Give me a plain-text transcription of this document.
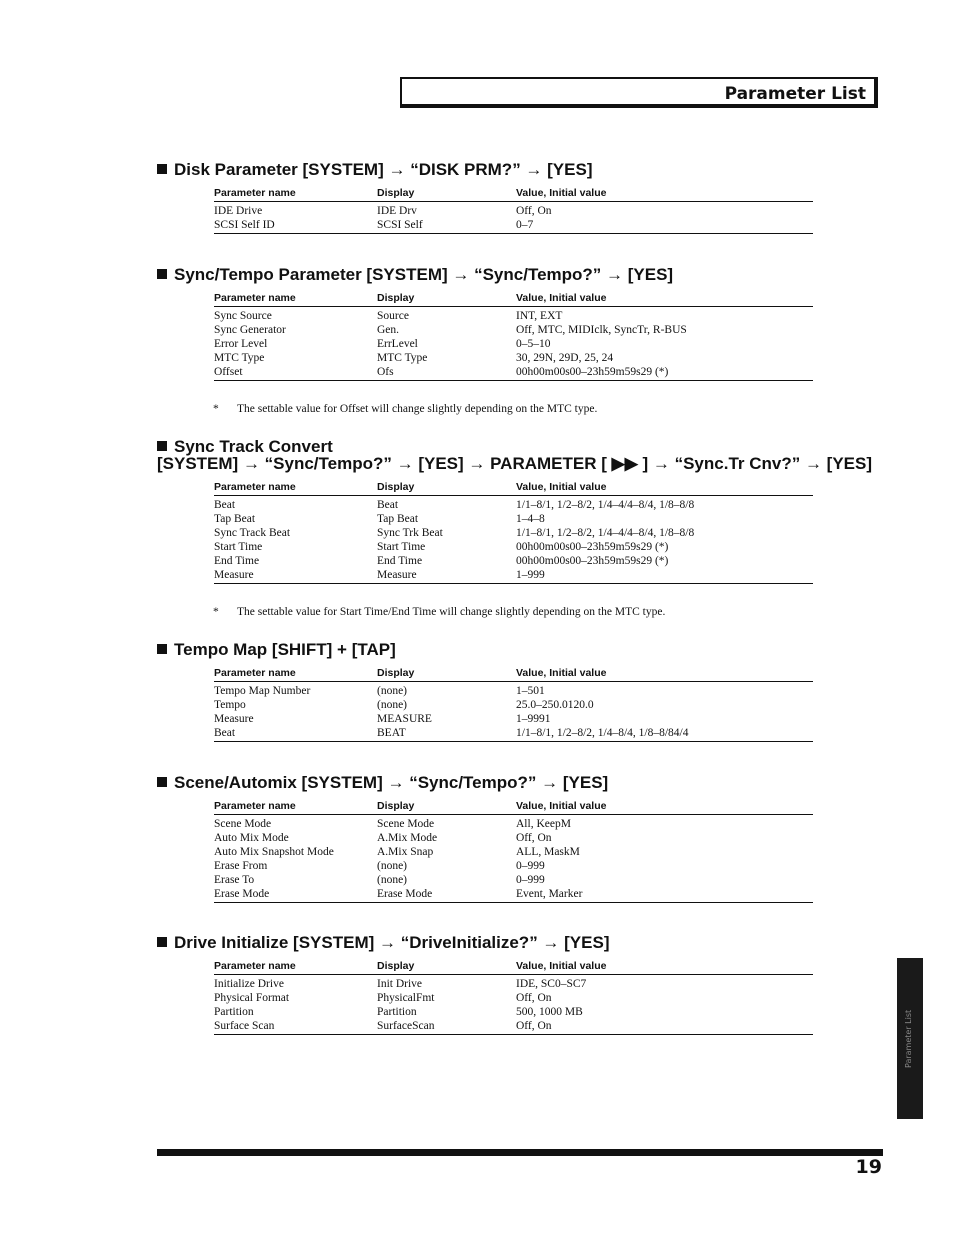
Parameter List
Disk Parameter [SYSTEM] → “DISK PRM?” → [YES]
Parameter name	Display	Value, Initial value
IDE Drive	IDE Drv	Off, On
SCSI Self ID	SCSI Self	0–7
Sync/Tempo Parameter [SYSTEM] → “Sync/Tempo?” → [YES]
Parameter name	Display	Value, Initial value
Sync Source	Source	INT, EXT
Sync Generator	Gen.	Off, MTC, MIDIclk, SyncTr, R-BUS
Error Level	ErrLevel	0–5–10
MTC Type	MTC Type	30, 29N, 29D, 25, 24
Offset	Ofs	00h00m00s00–23h59m59s29 (*)
* The settable value for Offset will change slightly depending on the MTC type.
Sync Track Convert
[SYSTEM] → “Sync/Tempo?” → [YES] → PARAMETER [ ▶▶ ] → “Sync.Tr Cnv?” → [YES]
Parameter name	Display	Value, Initial value
Beat	Beat	1/1–8/1, 1/2–8/2, 1/4–4/4–8/4, 1/8–8/8
Tap Beat	Tap Beat	1–4–8
Sync Track Beat	Sync Trk Beat	1/1–8/1, 1/2–8/2, 1/4–4/4–8/4, 1/8–8/8
Start Time	Start Time	00h00m00s00–23h59m59s29 (*)
End Time	End Time	00h00m00s00–23h59m59s29 (*)
Measure	Measure	1–999
* The settable value for Start Time/End Time will change slightly depending on the MTC type.
Tempo Map [SHIFT] + [TAP]
Parameter name	Display	Value, Initial value
Tempo Map Number	(none)	1–501
Tempo	(none)	25.0–250.0120.0
Measure	MEASURE	1–9991
Beat	BEAT	1/1–8/1, 1/2–8/2, 1/4–8/4, 1/8–8/84/4
Scene/Automix [SYSTEM] → “Sync/Tempo?” → [YES]
Parameter name	Display	Value, Initial value
Scene Mode	Scene Mode	All, KeepM
Auto Mix Mode	A.Mix Mode	Off, On
Auto Mix Snapshot Mode	A.Mix Snap	ALL, MaskM
Erase From	(none)	0–999
Erase To	(none)	0–999
Erase Mode	Erase Mode	Event, Marker
Drive Initialize [SYSTEM] → “DriveInitialize?” → [YES]
Parameter name	Display	Value, Initial value
Initialize Drive	Init Drive	IDE, SC0–SC7
Physical Format	PhysicalFmt	Off, On
Partition	Partition	500, 1000 MB
Surface Scan	SurfaceScan	Off, On	Parameter List
19
